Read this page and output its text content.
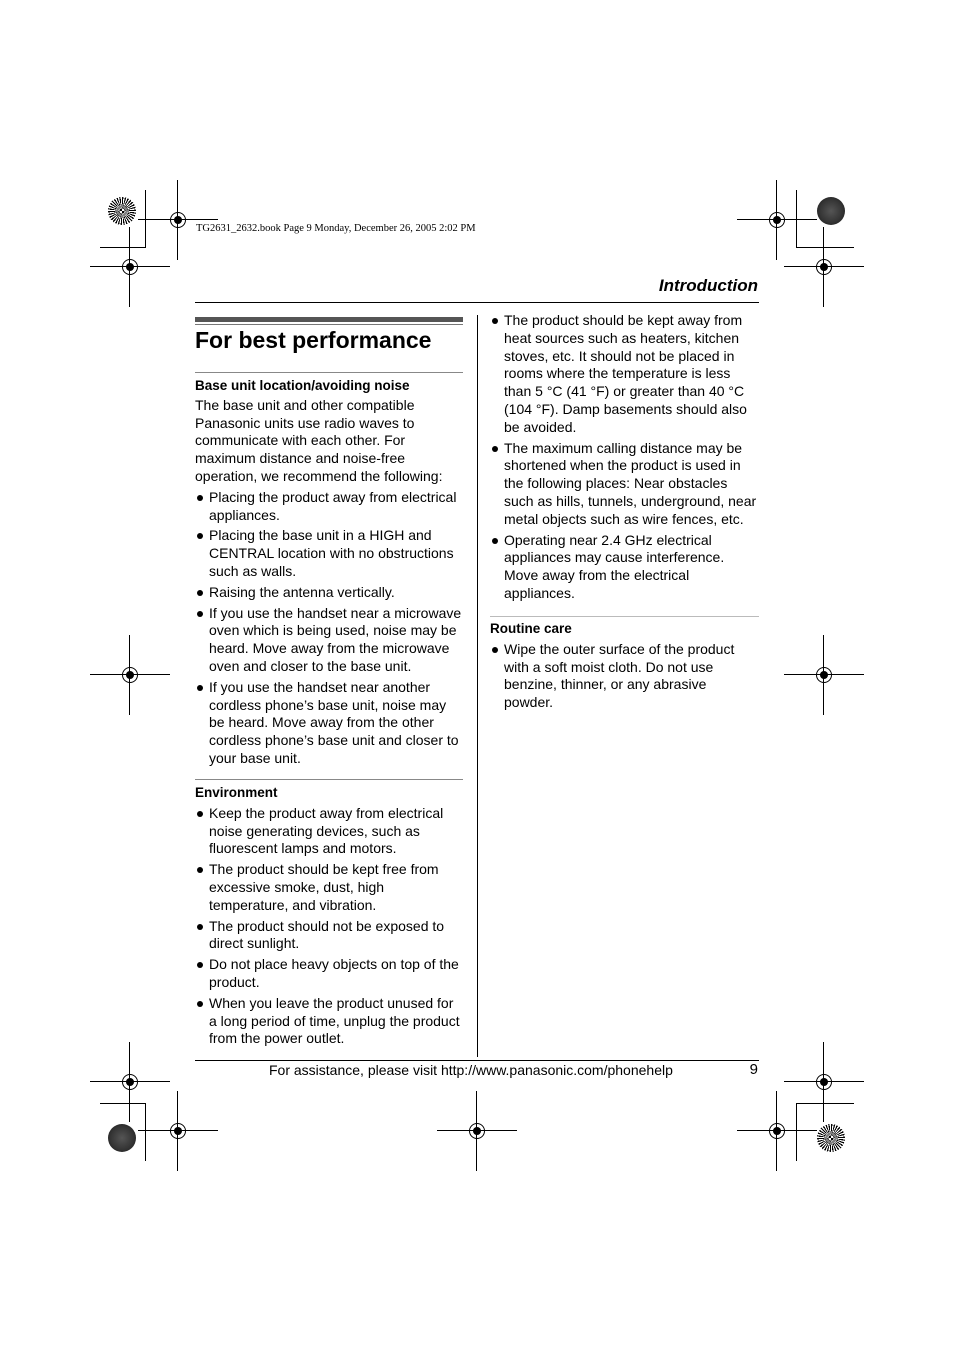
TG2631_2632.book Page 9 Monday, December 26, 2005 2:02 PM
Introduction
For best performance
Base unit location/avoiding noise

The base unit and other compatible Panasonic units use radio waves to communicate with each other. For maximum distance and noise-free operation, we recommend the following:

Placing the product away from electrical appliances.
Placing the base unit in a HIGH and CENTRAL location with no obstructions such as walls.
Raising the antenna vertically.
If you use the handset near a microwave oven which is being used, noise may be heard. Move away from the microwave oven and closer to the base unit.
If you use the handset near another cordless phone’s base unit, noise may be heard. Move away from the other cordless phone’s base unit and closer to your base unit.
Environment
Keep the product away from electrical noise generating devices, such as fluorescent lamps and motors.
The product should be kept free from excessive smoke, dust, high temperature, and vibration.
The product should not be exposed to direct sunlight.
Do not place heavy objects on top of the product.
When you leave the product unused for a long period of time, unplug the product from the power outlet.
The product should be kept away from heat sources such as heaters, kitchen stoves, etc. It should not be placed in rooms where the temperature is less than 5 °C (41 °F) or greater than 40 °C (104 °F). Damp basements should also be avoided.
The maximum calling distance may be shortened when the product is used in the following places: Near obstacles such as hills, tunnels, underground, near metal objects such as wire fences, etc.
Operating near 2.4 GHz electrical appliances may cause interference. Move away from the electrical appliances.
Routine care
Wipe the outer surface of the product with a soft moist cloth. Do not use benzine, thinner, or any abrasive powder.
For assistance, please visit http://www.panasonic.com/phonehelp	9
